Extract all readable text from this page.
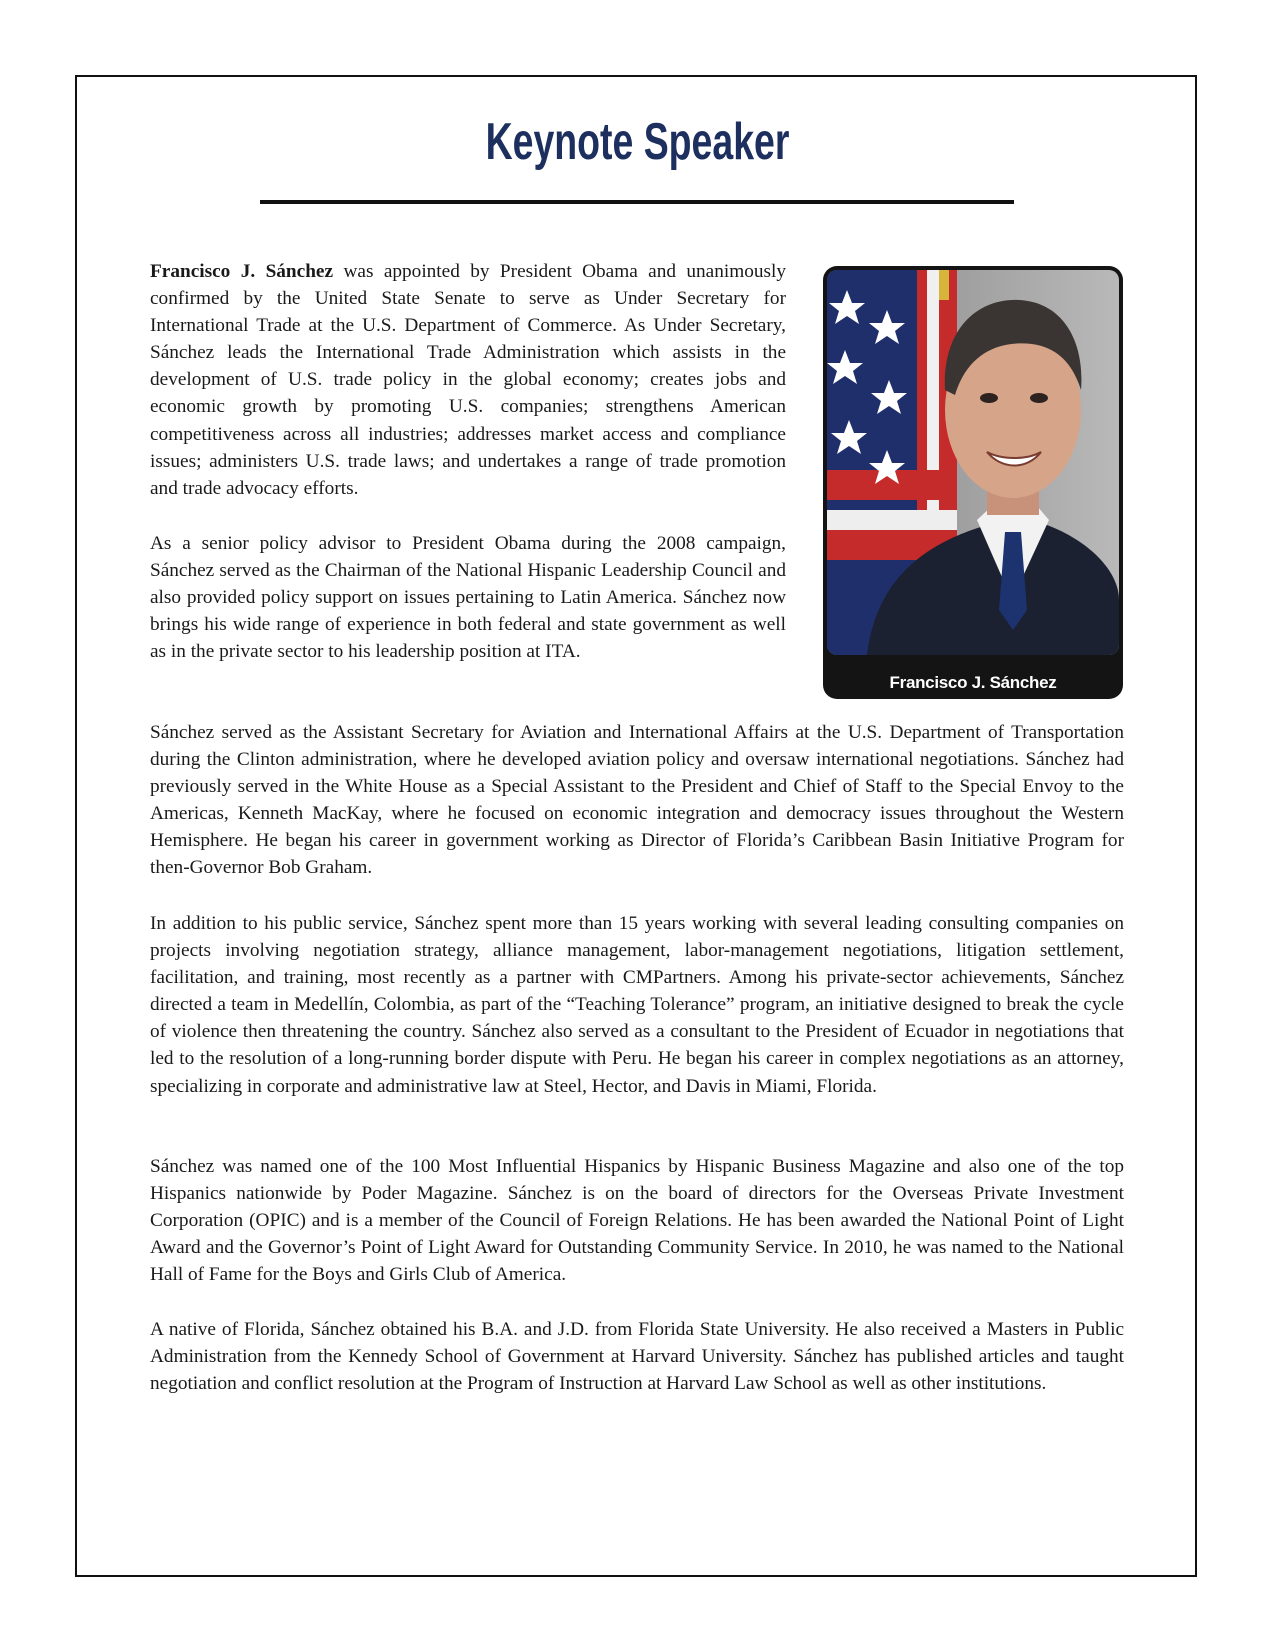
Keynote Speaker

Francisco J. Sánchez was appointed by President Obama and unanimously confirmed by the United State Senate to serve as Under Secretary for International Trade at the U.S. Department of Commerce. As Under Secretary, Sánchez leads the International Trade Administration which assists in the development of U.S. trade policy in the global economy; creates jobs and economic growth by promoting U.S. companies; strengthens American competitiveness across all industries; addresses market access and compliance issues; administers U.S. trade laws; and undertakes a range of trade promotion and trade advocacy efforts.

As a senior policy advisor to President Obama during the 2008 campaign, Sánchez served as the Chairman of the National Hispanic Leadership Council and also provided policy support on issues pertaining to Latin America. Sánchez now brings his wide range of experience in both federal and state government as well as in the private sector to his leadership position at ITA.

Francisco J. Sánchez

Sánchez served as the Assistant Secretary for Aviation and International Affairs at the U.S. Department of Transportation during the Clinton administration, where he developed aviation policy and oversaw international negotiations. Sánchez had previously served in the White House as a Special Assistant to the President and Chief of Staff to the Special Envoy to the Americas, Kenneth MacKay, where he focused on economic integration and democracy issues throughout the Western Hemisphere. He began his career in government working as Director of Florida’s Caribbean Basin Initiative Program for then-Governor Bob Graham.

In addition to his public service, Sánchez spent more than 15 years working with several leading consulting companies on projects involving negotiation strategy, alliance management, labor-management negotiations, litigation settlement, facilitation, and training, most recently as a partner with CMPartners. Among his private-sector achievements, Sánchez directed a team in Medellín, Colombia, as part of the “Teaching Tolerance” program, an initiative designed to break the cycle of violence then threatening the country. Sánchez also served as a consultant to the President of Ecuador in negotiations that led to the resolution of a long-running border dispute with Peru. He began his career in complex negotiations as an attorney, specializing in corporate and administrative law at Steel, Hector, and Davis in Miami, Florida.

Sánchez was named one of the 100 Most Influential Hispanics by Hispanic Business Magazine and also one of the top Hispanics nationwide by Poder Magazine. Sánchez is on the board of directors for the Overseas Private Investment Corporation (OPIC) and is a member of the Council of Foreign Relations. He has been awarded the National Point of Light Award and the Governor’s Point of Light Award for Outstanding Community Service. In 2010, he was named to the National Hall of Fame for the Boys and Girls Club of America.

A native of Florida, Sánchez obtained his B.A. and J.D. from Florida State University. He also received a Masters in Public Administration from the Kennedy School of Government at Harvard University. Sánchez has published articles and taught negotiation and conflict resolution at the Program of Instruction at Harvard Law School as well as other institutions.
